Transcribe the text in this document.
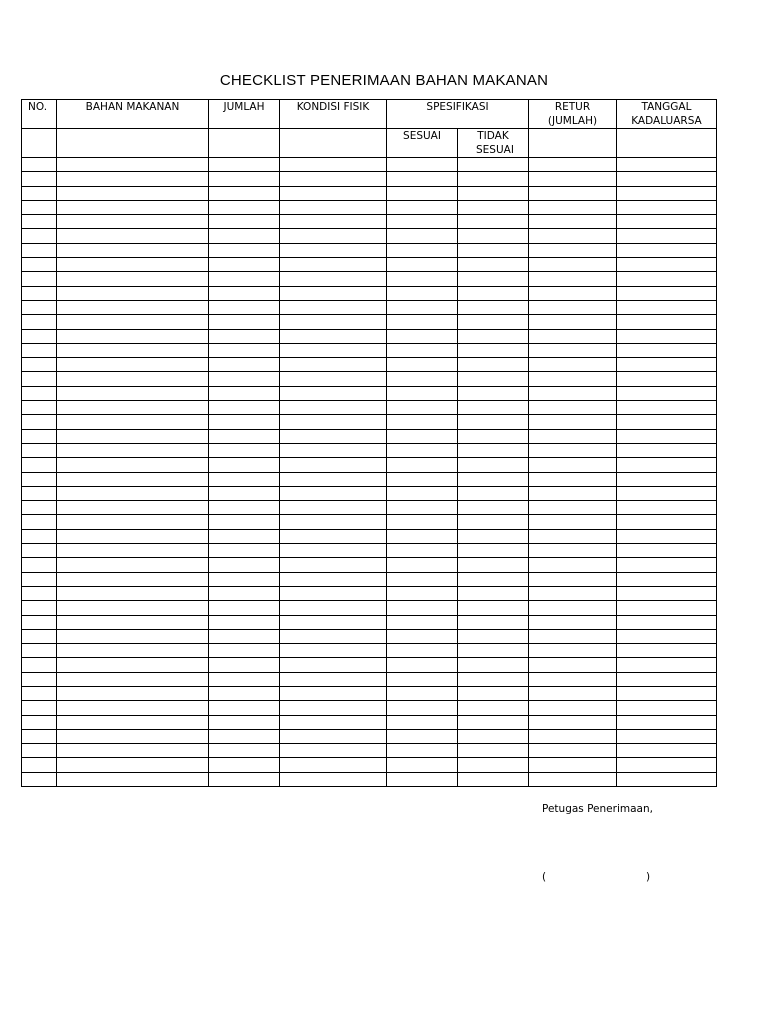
CHECKLIST PENERIMAAN BAHAN MAKANAN
NO.	BAHAN MAKANAN	JUMLAH	KONDISI FISIK	SPESIFIKASI		RETUR (JUMLAH)	TANGGAL KADALUARSA
				SESUAI	TIDAK SESUAI		

Petugas Penerimaan,
(	)
